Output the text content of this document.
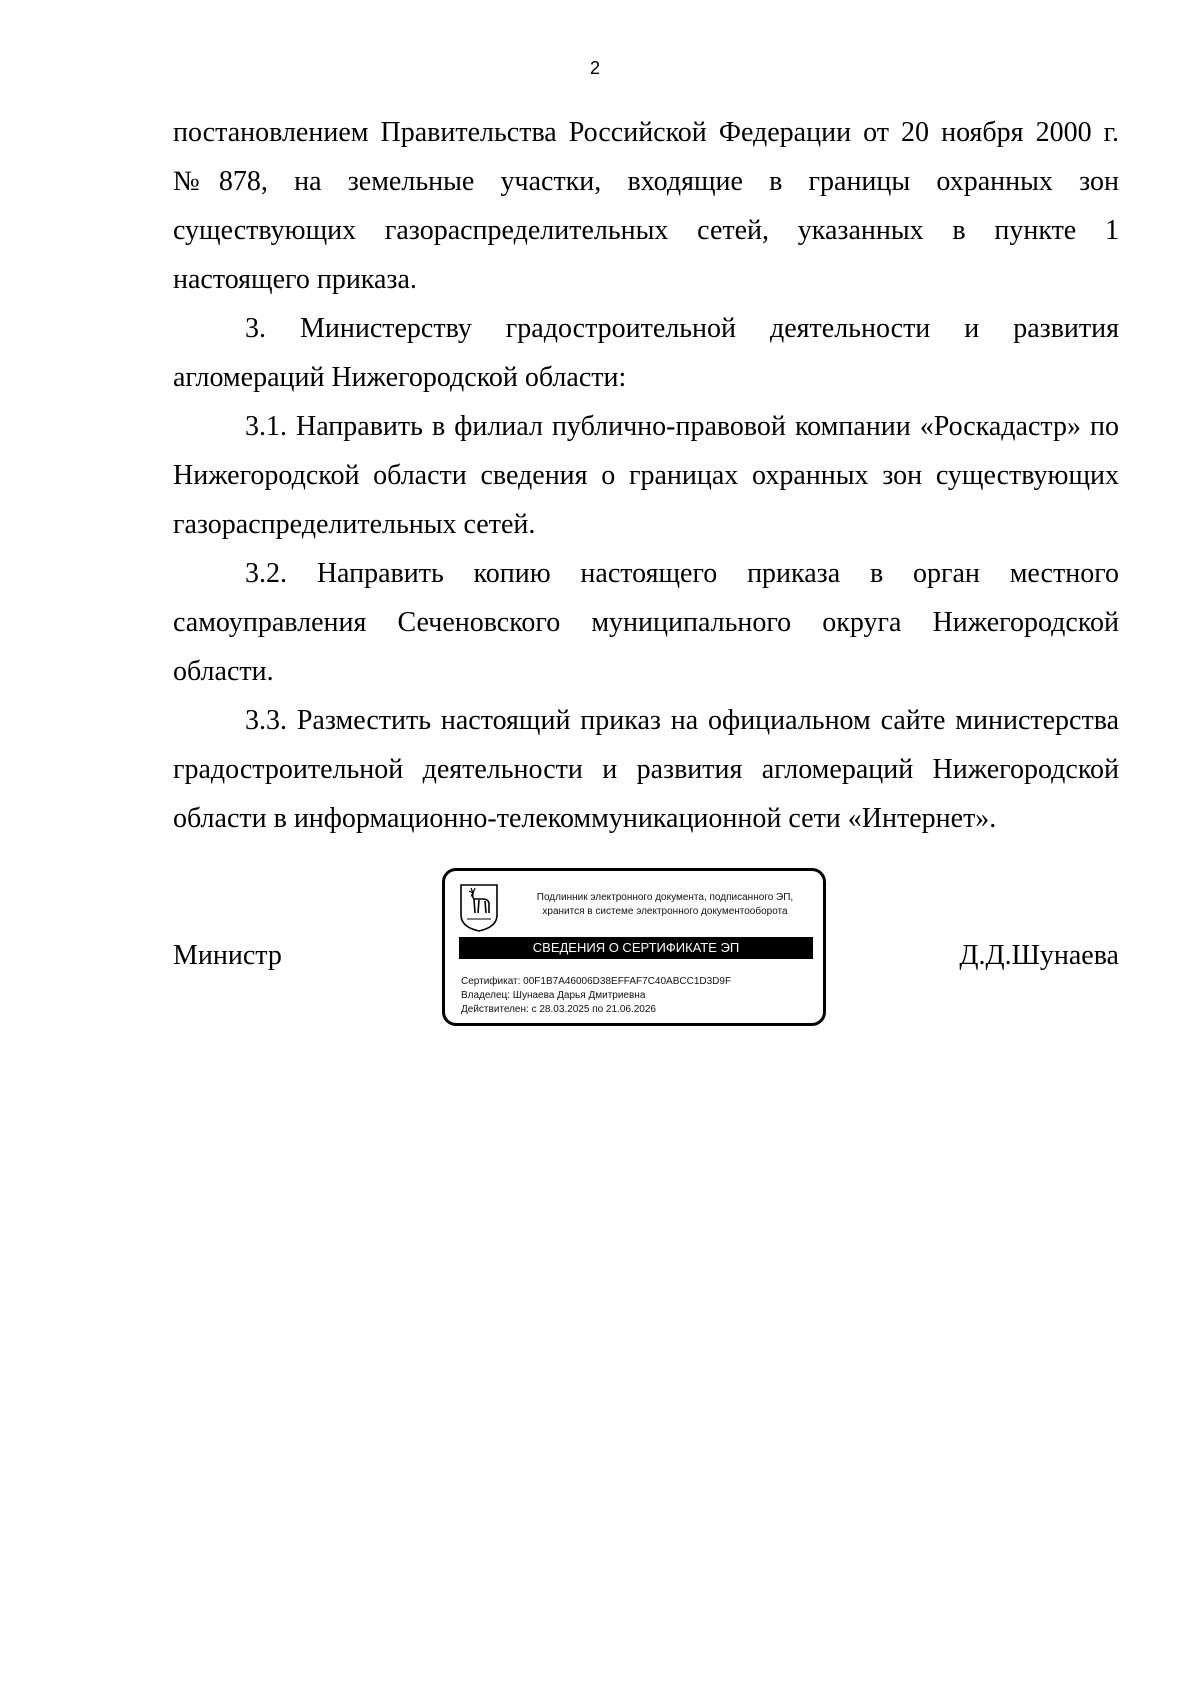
2

постановлением Правительства Российской Федерации от 20 ноября 2000 г. №878, на земельные участки, входящие в границы охранных зон существующих газораспределительных сетей, указанных в пункте 1 настоящего приказа.

3. Министерству градостроительной деятельности и развития агломераций Нижегородской области:

3.1. Направить в филиал публично-правовой компании «Роскадастр» по Нижегородской области сведения о границах охранных зон существующих газораспределительных сетей.

3.2. Направить копию настоящего приказа в орган местного самоуправления Сеченовского муниципального округа Нижегородской области.

3.3. Разместить настоящий приказ на официальном сайте министерства градостроительной деятельности и развития агломераций Нижегородской области в информационно-телекоммуникационной сети «Интернет».

Министр	Д.Д.Шунаева
Подлинник электронного документа, подписанного ЭП,
хранится в системе электронного документооборота
СВЕДЕНИЯ О СЕРТИФИКАТЕ ЭП
Сертификат: 00F1B7A46006D38EFFAF7C40ABCC1D3D9F
Владелец: Шунаева Дарья Дмитриевна
Действителен: с 28.03.2025 по 21.06.2026
